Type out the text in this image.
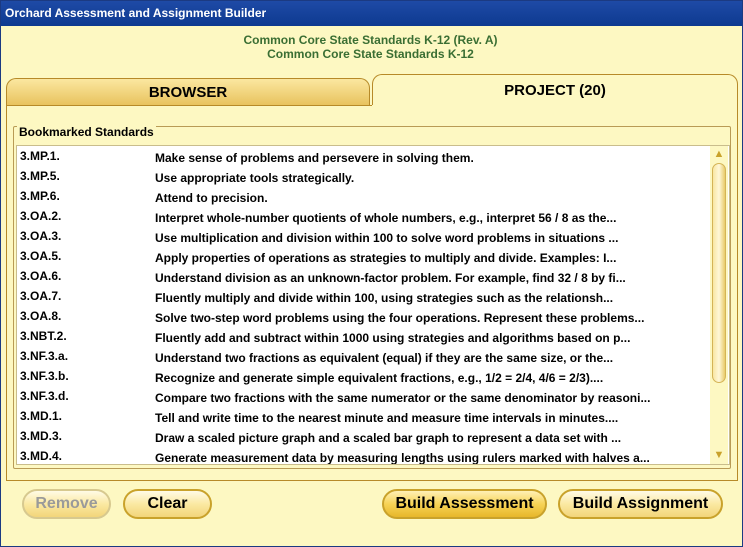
Orchard Assessment and Assignment Builder
Common Core State Standards K-12 (Rev. A)
Common Core State Standards K-12
BROWSER	PROJECT (20)
Bookmarked Standards
3.MP.1.	Make sense of problems and persevere in solving them.
3.MP.5.	Use appropriate tools strategically.
3.MP.6.	Attend to precision.
3.OA.2.	Interpret whole-number quotients of whole numbers, e.g., interpret 56 / 8 as the...
3.OA.3.	Use multiplication and division within 100 to solve word problems in situations ...
3.OA.5.	Apply properties of operations as strategies to multiply and divide. Examples: I...
3.OA.6.	Understand division as an unknown-factor problem. For example, find 32 / 8 by fi...
3.OA.7.	Fluently multiply and divide within 100, using strategies such as the relationsh...
3.OA.8.	Solve two-step word problems using the four operations. Represent these problems...
3.NBT.2.	Fluently add and subtract within 1000 using strategies and algorithms based on p...
3.NF.3.a.	Understand two fractions as equivalent (equal) if they are the same size, or the...
3.NF.3.b.	Recognize and generate simple equivalent fractions, e.g., 1/2 = 2/4, 4/6 = 2/3)....
3.NF.3.d.	Compare two fractions with the same numerator or the same denominator by reasoni...
3.MD.1.	Tell and write time to the nearest minute and measure time intervals in minutes....
3.MD.3.	Draw a scaled picture graph and a scaled bar graph to represent a data set with ...
3.MD.4.	Generate measurement data by measuring lengths using rulers marked with halves a...
▲
▼
Remove	Clear	Build Assessment	Build Assignment
